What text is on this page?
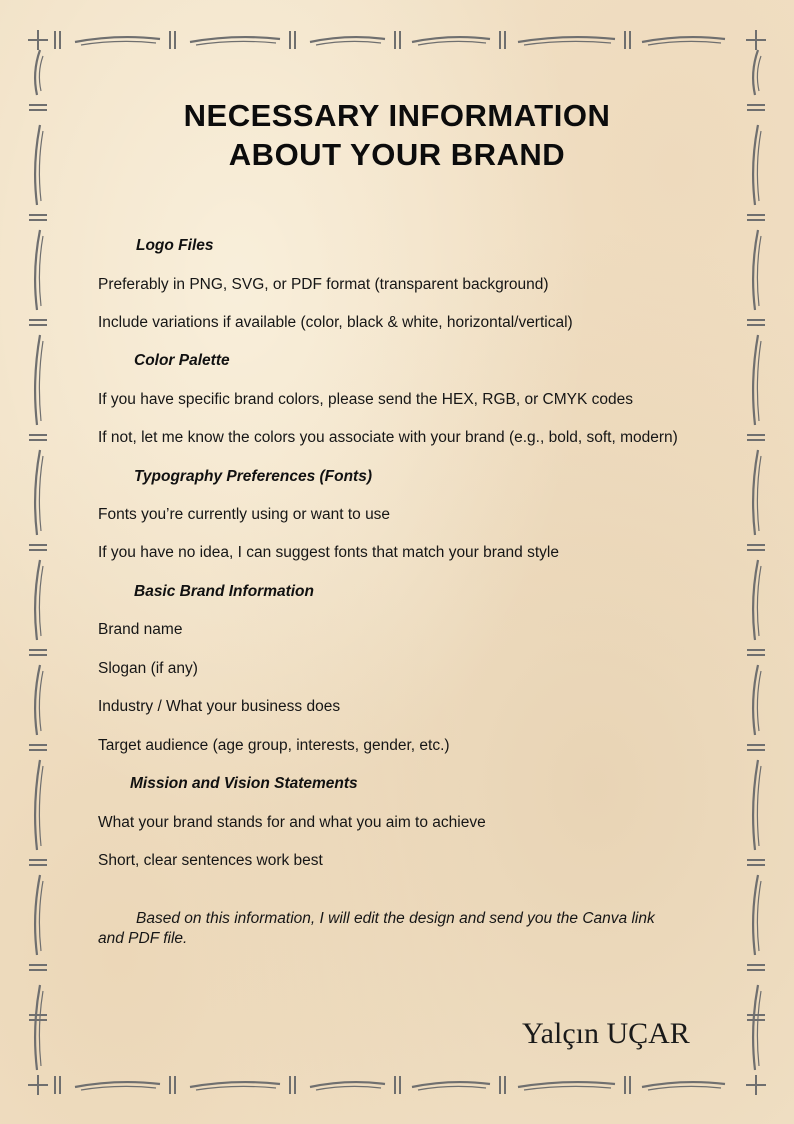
NECESSARY INFORMATION
ABOUT YOUR BRAND
Logo Files
Preferably in PNG, SVG, or PDF format (transparent background)
Include variations if available (color, black & white, horizontal/vertical)
Color Palette
If you have specific brand colors, please send the HEX, RGB, or CMYK codes
If not, let me know the colors you associate with your brand (e.g., bold, soft, modern)
Typography Preferences (Fonts)
Fonts you’re currently using or want to use
If you have no idea, I can suggest fonts that match your brand style
Basic Brand Information
Brand name
Slogan (if any)
Industry / What your business does
Target audience (age group, interests, gender, etc.)
Mission and Vision Statements
What your brand stands for and what you aim to achieve
Short, clear sentences work best
Based on this information, I will edit the design and send you the Canva link
and PDF file.
Yalçın UÇAR
